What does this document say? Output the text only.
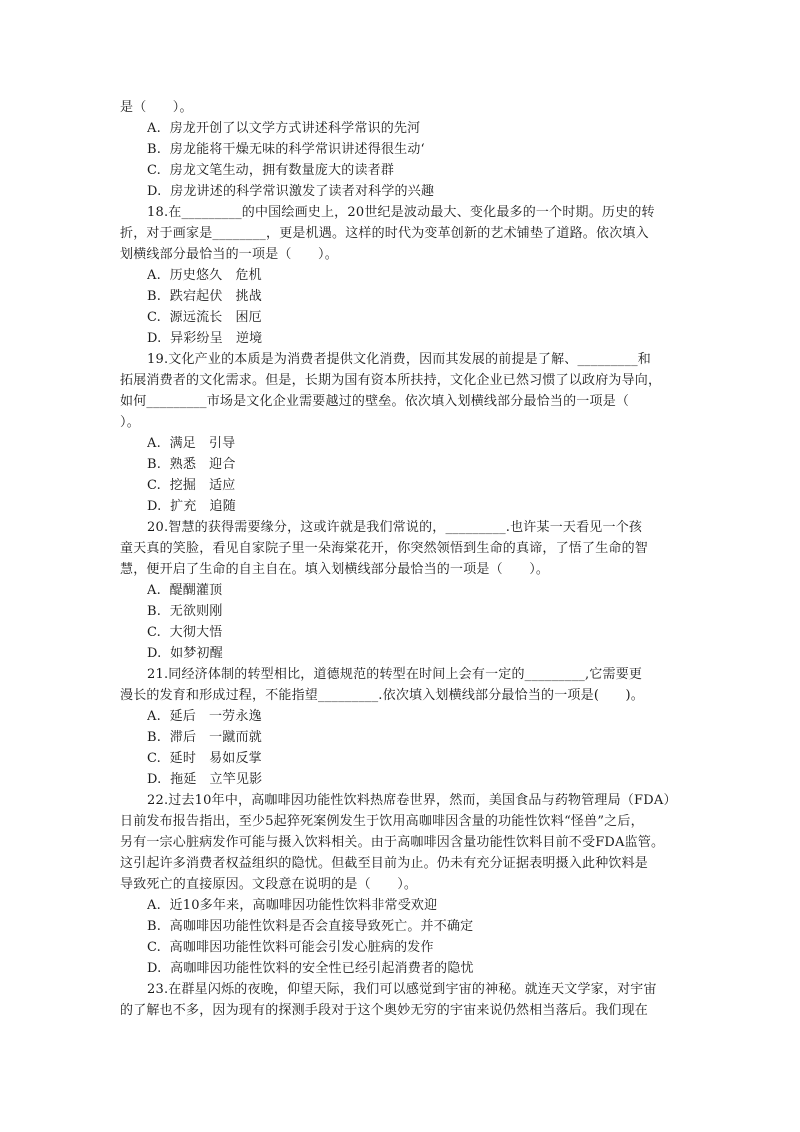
是（　　）。
A.  房龙开创了以文学方式讲述科学常识的先河
B.  房龙能将干燥无味的科学常识讲述得很生动‘
C.  房龙文笔生动，拥有数量庞大的读者群
D.  房龙讲述的科学常识激发了读者对科学的兴趣
18.在_________的中国绘画史上，20世纪是波动最大、变化最多的一个时期。历史的转
折，对于画家是________，更是机遇。这样的时代为变革创新的艺术铺垫了道路。依次填入
划横线部分最恰当的一项是（　　）。
A.  历史悠久   危机
B.  跌宕起伏   挑战
C.  源远流长   困厄
D.  异彩纷呈   逆境
19.文化产业的本质是为消费者提供文化消费，因而其发展的前提是了解、_________和
拓展消费者的文化需求。但是，长期为国有资本所扶持，文化企业已然习惯了以政府为导向，
如何_________市场是文化企业需要越过的壁垒。依次填入划横线部分最恰当的一项是（
）。
A.  满足   引导
B.  熟悉   迎合
C.  挖掘   适应
D.  扩充   追随
20.智慧的获得需要缘分，这或许就是我们常说的，_________.也许某一天看见一个孩
童天真的笑脸，看见自家院子里一朵海棠花开，你突然领悟到生命的真谛，了悟了生命的智
慧，便开启了生命的自主自在。填入划横线部分最恰当的一项是（　　）。
A.  醍醐灌顶
B.  无欲则刚
C.  大彻大悟
D.  如梦初醒
21.同经济体制的转型相比，道德规范的转型在时间上会有一定的_________,它需要更
漫长的发育和形成过程，不能指望_________.依次填入划横线部分最恰当的一项是(　　)。
A.  延后   一劳永逸
B.  滞后   一蹴而就
C.  延时   易如反掌
D.  拖延   立竿见影
22.过去10年中，高咖啡因功能性饮料热席卷世界，然而，美国食品与药物管理局（FDA）
日前发布报告指出，至少5起猝死案例发生于饮用高咖啡因含量的功能性饮料“怪兽”之后，
另有一宗心脏病发作可能与摄入饮料相关。由于高咖啡因含量功能性饮料目前不受FDA监管。
这引起许多消费者权益组织的隐忧。但截至目前为止。仍未有充分证据表明摄入此种饮料是
导致死亡的直接原因。文段意在说明的是（　　）。
A.  近10多年来，高咖啡因功能性饮料非常受欢迎
B.  高咖啡因功能性饮料是否会直接导致死亡。并不确定
C.  高咖啡因功能性饮料可能会引发心脏病的发作
D.  高咖啡因功能性饮料的安全性已经引起消费者的隐忧
23.在群星闪烁的夜晚，仰望天际，我们可以感觉到宇宙的神秘。就连天文学家，对宇宙
的了解也不多，因为现有的探测手段对于这个奥妙无穷的宇宙来说仍然相当落后。我们现在
